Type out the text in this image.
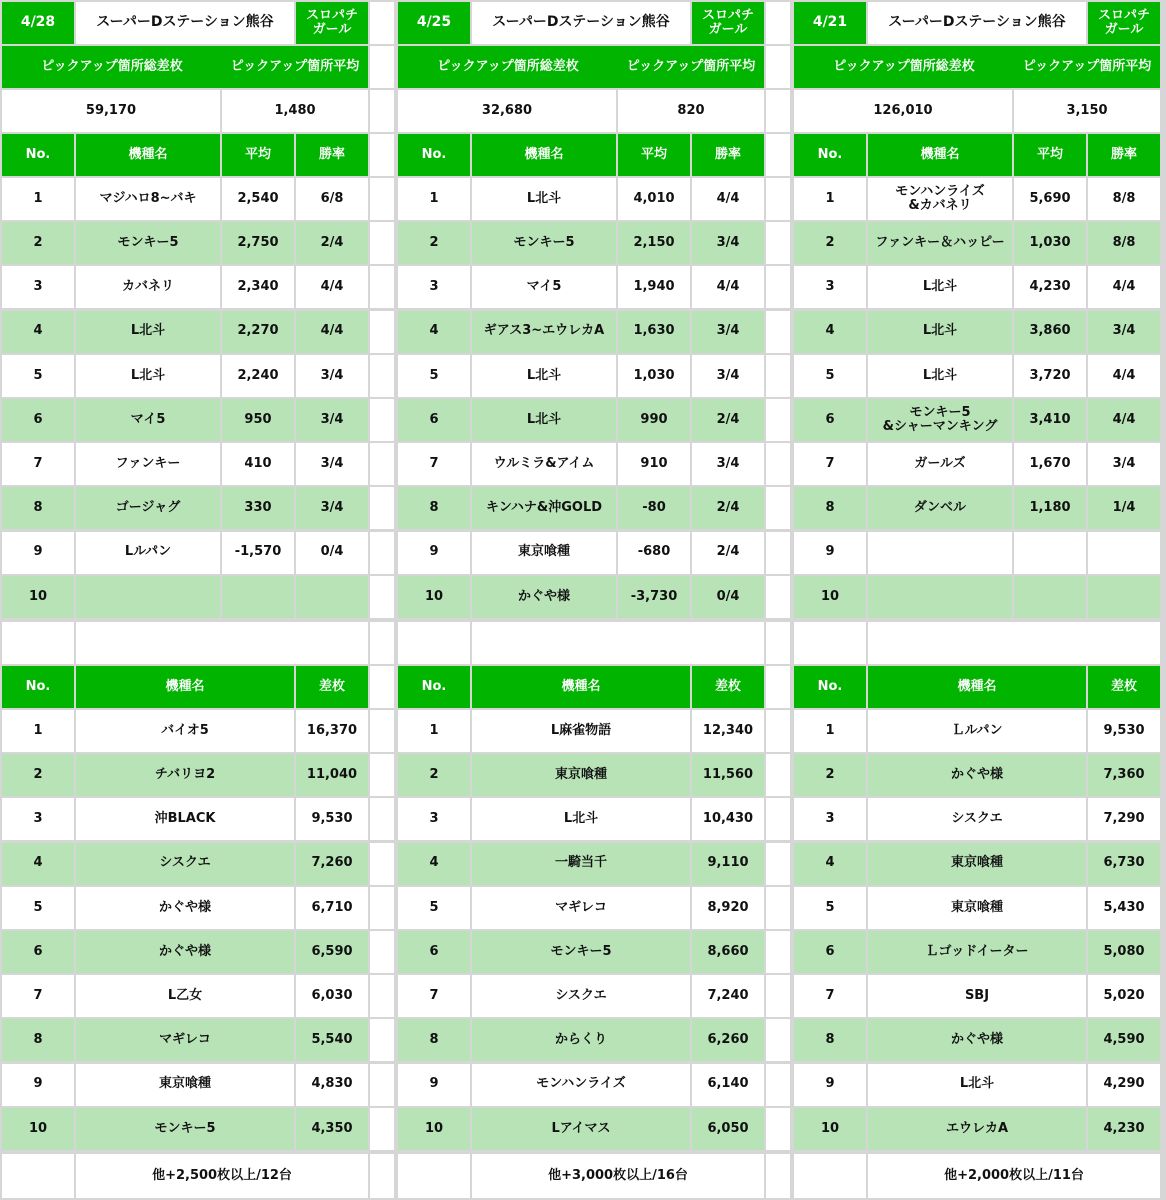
4/28	スーパーDステーション熊谷	スロパチ
ガール
ピックアップ箇所総差枚	ピックアップ箇所平均
59,170	1,480
No.	機種名	平均	勝率
1	マジハロ8~バキ	2,540	6/8
2	モンキー5	2,750	2/4
3	カバネリ	2,340	4/4
4	L北斗	2,270	4/4
5	L北斗	2,240	3/4
6	マイ5	950	3/4
7	ファンキー	410	3/4
8	ゴージャグ	330	3/4
9	Lルパン	-1,570	0/4
10
No.	機種名	差枚
1	バイオ5	16,370
2	チバリヨ2	11,040
3	沖BLACK	9,530
4	シスクエ	7,260
5	かぐや様	6,710
6	かぐや様	6,590
7	L乙女	6,030
8	マギレコ	5,540
9	東京喰種	4,830
10	モンキー5	4,350
他+2,500枚以上/12台
4/25	スーパーDステーション熊谷	スロパチ
ガール
ピックアップ箇所総差枚	ピックアップ箇所平均
32,680	820
No.	機種名	平均	勝率
1	L北斗	4,010	4/4
2	モンキー5	2,150	3/4
3	マイ5	1,940	4/4
4	ギアス3~エウレカA	1,630	3/4
5	L北斗	1,030	3/4
6	L北斗	990	2/4
7	ウルミラ&アイム	910	3/4
8	キンハナ&沖GOLD	-80	2/4
9	東京喰種	-680	2/4
10	かぐや様	-3,730	0/4
No.	機種名	差枚
1	L麻雀物語	12,340
2	東京喰種	11,560
3	L北斗	10,430
4	一騎当千	9,110
5	マギレコ	8,920
6	モンキー5	8,660
7	シスクエ	7,240
8	からくり	6,260
9	モンハンライズ	6,140
10	Lアイマス	6,050
他+3,000枚以上/16台
4/21	スーパーDステーション熊谷	スロパチ
ガール
ピックアップ箇所総差枚	ピックアップ箇所平均
126,010	3,150
No.	機種名	平均	勝率
1	モンハンライズ
&カバネリ	5,690	8/8
2	ファンキー＆ハッピー	1,030	8/8
3	L北斗	4,230	4/4
4	L北斗	3,860	3/4
5	L北斗	3,720	4/4
6	モンキー5
&シャーマンキング	3,410	4/4
7	ガールズ	1,670	3/4
8	ダンベル	1,180	1/4
9
10
No.	機種名	差枚
1	Ｌルパン	9,530
2	かぐや様	7,360
3	シスクエ	7,290
4	東京喰種	6,730
5	東京喰種	5,430
6	Ｌゴッドイーター	5,080
7	SBJ	5,020
8	かぐや様	4,590
9	L北斗	4,290
10	エウレカA	4,230
他+2,000枚以上/11台
